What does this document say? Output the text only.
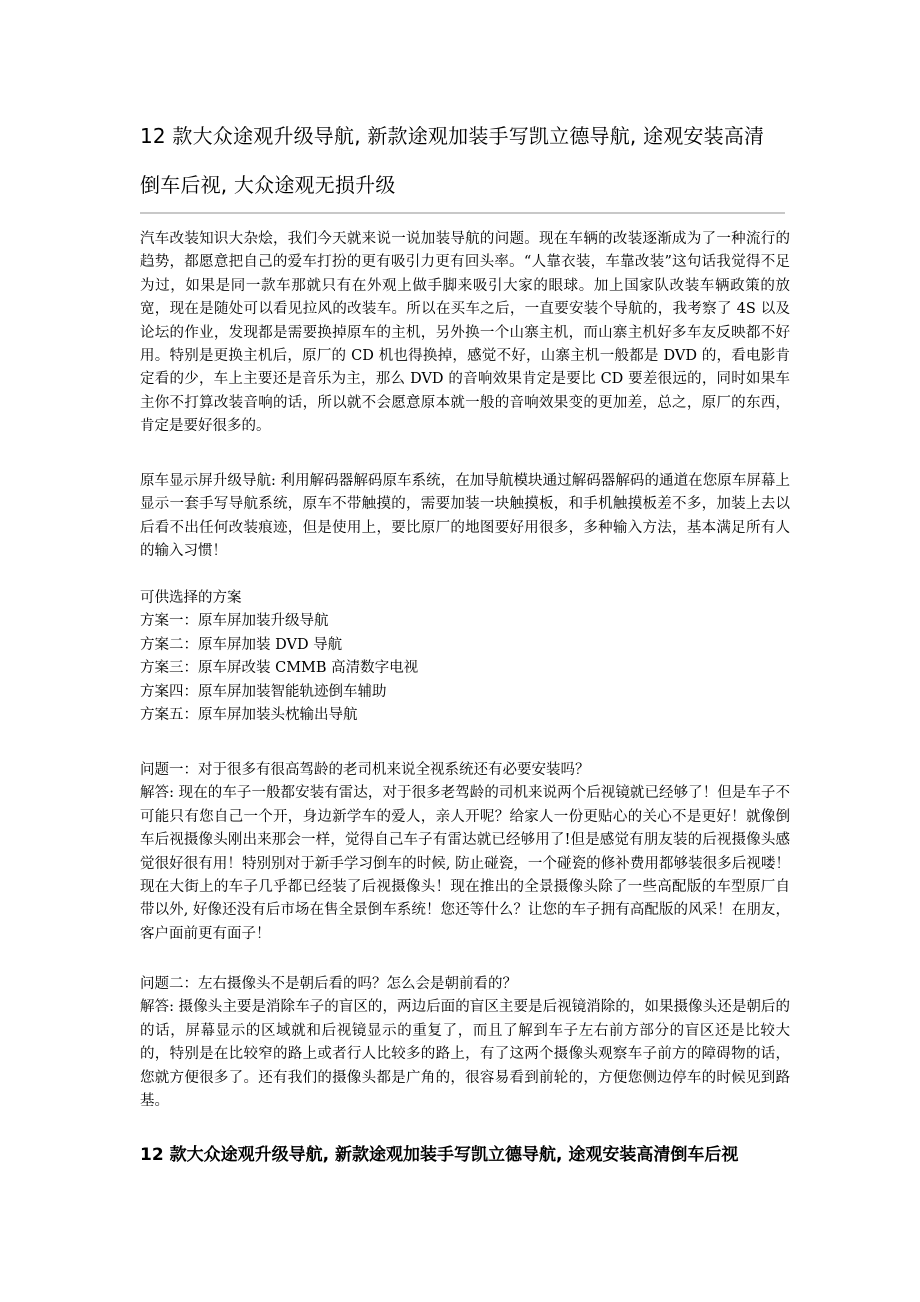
12 款大众途观升级导航, 新款途观加装手写凯立德导航, 途观安装高清
倒车后视, 大众途观无损升级

汽车改装知识大杂烩，我们今天就来说一说加装导航的问题。现在车辆的改装逐渐成为了一种流行的趋势，都愿意把自己的爱车打扮的更有吸引力更有回头率。“人靠衣装，车靠改装”这句话我觉得不足为过，如果是同一款车那就只有在外观上做手脚来吸引大家的眼球。加上国家队改装车辆政策的放宽，现在是随处可以看见拉风的改装车。所以在买车之后，一直要安装个导航的，我考察了 4S 以及论坛的作业，发现都是需要换掉原车的主机，另外换一个山寨主机，而山寨主机好多车友反映都不好用。特别是更换主机后，原厂的 CD 机也得换掉，感觉不好，山寨主机一般都是 DVD 的，看电影肯定看的少，车上主要还是音乐为主，那么 DVD 的音响效果肯定是要比 CD 要差很远的，同时如果车主你不打算改装音响的话，所以就不会愿意原本就一般的音响效果变的更加差，总之，原厂的东西，肯定是要好很多的。

原车显示屏升级导航: 利用解码器解码原车系统，在加导航模块通过解码器解码的通道在您原车屏幕上显示一套手写导航系统，原车不带触摸的，需要加装一块触摸板，和手机触摸板差不多，加装上去以后看不出任何改装痕迹，但是使用上，要比原厂的地图要好用很多，多种输入方法，基本满足所有人的输入习惯！

可供选择的方案
方案一：原车屏加装升级导航
方案二：原车屏加装 DVD 导航
方案三：原车屏改装 CMMB 高清数字电视
方案四：原车屏加装智能轨迹倒车辅助
方案五：原车屏加装头枕输出导航
问题一：对于很多有很高驾龄的老司机来说全视系统还有必要安装吗？
解答: 现在的车子一般都安装有雷达，对于很多老驾龄的司机来说两个后视镜就已经够了！但是车子不可能只有您自己一个开，身边新学车的爱人，亲人开呢？给家人一份更贴心的关心不是更好！就像倒车后视摄像头刚出来那会一样，觉得自己车子有雷达就已经够用了!但是感觉有朋友装的后视摄像头感觉很好很有用！特别别对于新手学习倒车的时候, 防止碰瓷，一个碰瓷的修补费用都够装很多后视喽！现在大街上的车子几乎都已经装了后视摄像头！现在推出的全景摄像头除了一些高配版的车型原厂自带以外, 好像还没有后市场在售全景倒车系统！您还等什么？让您的车子拥有高配版的风采！在朋友，客户面前更有面子！
问题二：左右摄像头不是朝后看的吗？怎么会是朝前看的？
解答: 摄像头主要是消除车子的盲区的，两边后面的盲区主要是后视镜消除的，如果摄像头还是朝后的的话，屏幕显示的区域就和后视镜显示的重复了，而且了解到车子左右前方部分的盲区还是比较大的，特别是在比较窄的路上或者行人比较多的路上，有了这两个摄像头观察车子前方的障碍物的话，您就方便很多了。还有我们的摄像头都是广角的，很容易看到前轮的，方便您侧边停车的时候见到路基。
12 款大众途观升级导航, 新款途观加装手写凯立德导航, 途观安装高清倒车后视
